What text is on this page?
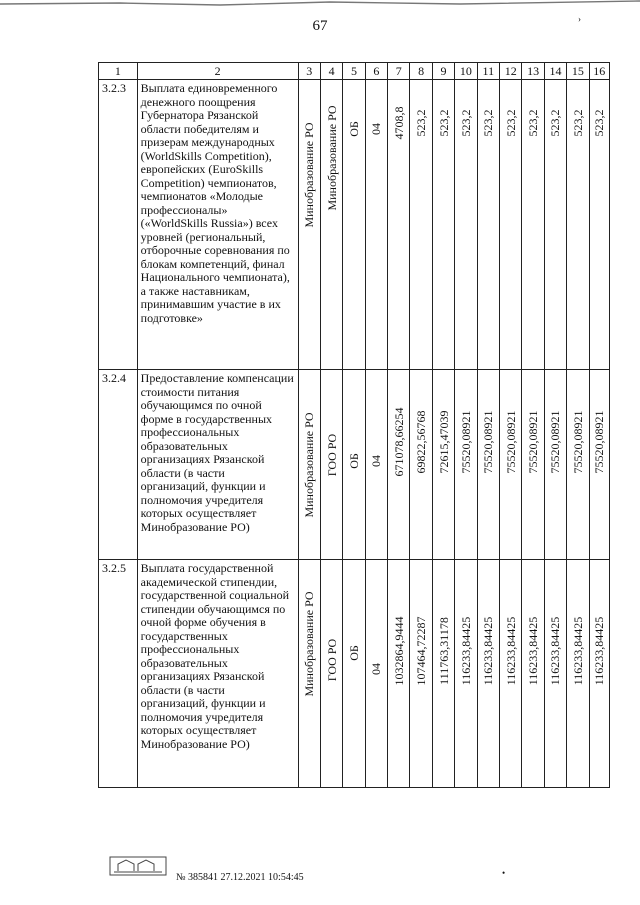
›
67
1	2	3	4	5	6	7	8	9	10	11	12	13	14	15	16
3.2.3	Выплата единовременного денежного поощрения Губернатора Рязанской области победителям и призерам международных (WorldSkills Competition), европейских (EuroSkills Competition) чемпионатов, чемпионатов «Молодые профессионалы» («WorldSkills Russia») всех уровней (региональный, отборочные соревнования по блокам компетенций, финал Национального чемпионата), а также наставникам, принимавшим участие в их подготовке»	Минобразование РО	Минобразование РО	ОБ	04	4708,8	523,2	523,2	523,2	523,2	523,2	523,2	523,2	523,2	523,2

3.2.4	Предоставление компенсации стоимости питания обучающимся по очной форме в государственных профессиональных образовательных организациях Рязанской области (в части организаций, функции и полномочия учредителя которых осуществляет Минобразование РО)	Минобразование РО	ГОО РО	ОБ	04	671078,66254	69822,56768	72615,47039	75520,08921	75520,08921	75520,08921	75520,08921	75520,08921	75520,08921	75520,08921

3.2.5	Выплата государственной академической стипендии, государственной социальной стипендии обучающимся по очной форме обучения в государственных профессиональных образовательных организациях Рязанской области (в части организаций, функции и полномочия учредителя которых осуществляет Минобразование РО)	Минобразование РО	ГОО РО	ОБ	04	1032864,9444	107464,72287	111763,31178	116233,84425	116233,84425	116233,84425	116233,84425	116233,84425	116233,84425	116233,84425
№ 385841 27.12.2021 10:54:45	•
